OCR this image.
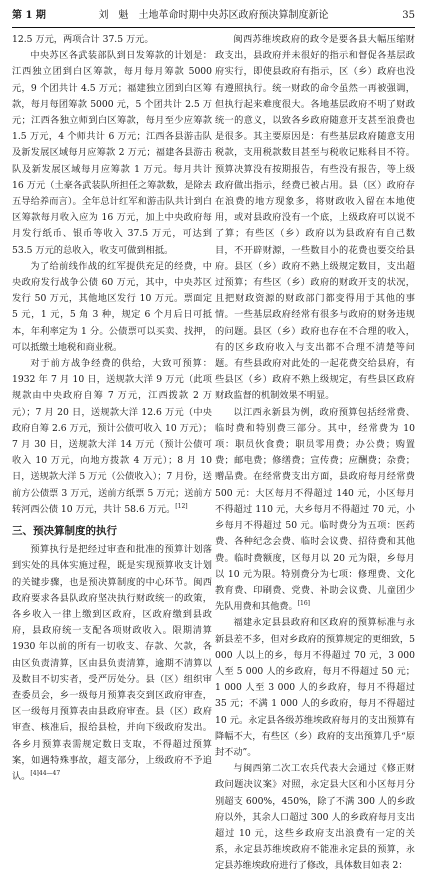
第 1 期	刘　魁　 土地革命时期中央苏区政府预决算制度新论	35

12.5 万元，两项合计 37.5 万元。

中央苏区各武装部队到日发筹款的计划是：江西独立团到白区筹款，每月每月筹款 5000 元，9 个团共计 4.5 万元；福建独立团到白区筹款，每月每团筹款 5000 元，5 个团共计 2.5 万元；江西各独立师到白区筹款，每月至少应筹款 1.5 万元，4 个师共计 6 万元；江西各县游击队及新发展区域每月应筹款 2 万元；福建各县游击队及新发展区域每月应筹款 1 万元。每月共计 16 万元（土豪各武装队所担任之筹款数，是除去五导给养而言）。全年总计红军和游击队共计到白区筹款每月收入应为 16 万元，加上中央政府每月发行纸币、银币等收入 37.5 万元，可达到 53.5 万元的总收入，收支可做到相抵。

为了给前线作战的红军提供充足的经费，中央政府发行战争公债 60 万元，其中，中央苏区发行 50 万元，其他地区发行 10 万元。票面定 5 元，1 元，5 角 3 种，规定 6 个月后日可抵本，年利率定为 1 分。公债票可以买卖、找押，可以抵缴土地税和商业税。

对于前方战争经费的供给，大致可预算：1932 年 7 月 10 日，送规款大洋 9 万元（此项规款由中央政府自筹 7 万元，江西拨款 2 万元）；7 月 20 日，送规款大洋 12.6 万元（中央政府自筹 2.6 万元，预计公债可收入 10 万元）；7 月 30 日，送规款大洋 14 万元（预计公债可收入 10 万元，向地方拨款 4 万元）；8 月 10 日，送规款大洋 5 万元（公债收入）；7 月份，送前方公债票 3 万元，送前方纸票 5 万元；送前方转河西公债 10 万元，共计 58.6 万元。[12]

三、预决算制度的执行

预算执行是把经过审查和批准的预算计划落到实处的具体实施过程，既是实现预算收支计划的关键步骤，也是预决算制度的中心环节。闽西政府要求各县队政府坚决执行财政统一的政策，各乡收入一律上缴到区政府，区政府缴到县政府，县政府统一支配各项财政收入。限期清算 1930 年以前的所有一切收支、存款、欠款，各由区负责清算，区由县负责清算，逾期不清算以及数目不切实者，受严厉处分。县（区）组织审查委员会，乡一级每月预算表交到区政府审查，区一级每月预算表由县政府审查。县（区）政府审查、核准后，报给县检，并向下级政府发出。各乡月预算表需规定数日支取，不得超过预算案，如遇特殊事故，超支部分，上级政府不予追认。$^{[4]44—47}$

闽西苏维埃政府的政令是要各县大幅压缩财政支出，县政府并未很好的指示和督促各基层政府实行，即使县政府有指示，区（乡）政府也没有遵照执行。统一财政的命令虽然一再被强调，但执行起来难度很大。各地基层政府不明了财政统一的意义，以致各乡政府随意开支甚至浪费也是很多。其主要原因是：有些基层政府随意支用税款，支用税款数目甚至与税收记账科目不符。预算决算没有按期报告，有些没有报告，等上级政府做出指示，经费已被占用。县（区）政府存在浪费的地方现象多，将财政收入留在本地使用，或对县政府没有一个底，上级政府可以说不了算；有些区（乡）政府以为县政府有自己数目，不开辟财源，一些数目小的花费也要交给县府。县区（乡）政府不熟上级规定数目，支出超过预算；有些区（乡）政府的财政开支的状况，且把财政资源的财政部门都变得用于其他的事情。一些基层政府经常有很多与政府的财务违规的问题。县区（乡）政府也存在不合理的收入，有的区乡政府收入与支出都不合理不清楚等问题。有些县政府对此处的一起花费交给县府，有些县区（乡）政府不熟上级规定，有些县区政府财政监督的机制效果不明显。

以江西永新县为例，政府预算包括经常费、临时费和特别费三部分。其中，经常费为 10 项：职员伙食费；职员零用费；办公费；购置费；邮电费；修缮费；宣传费；应酬费；杂费；赠品费。在经常费支出方面，县政府每月经常费 500 元：大区每月不得超过 140 元，小区每月不得超过 110 元，大乡每月不得超过 70 元，小乡每月不得超过 50 元。临时费分为五项：医药费、各种纪念会费、临时会议费、招待费和其他费。临时费额度，区每月以 20 元为限，乡每月以 10 元为限。特别费分为七项：修理费、文化教育费、印刷费、党费、补助会议费、儿童团少先队用费和其他费。[16]

福建永定县县政府和区政府的预算标准与永新县差不多，但对乡政府的预算规定的更细致，5 000 人以上的乡，每月不得超过 70 元，3 000 人至 5 000 人的乡政府，每月不得超过 50 元；1 000 人至 3 000 人的乡政府，每月不得超过 35 元；不满 1 000 人的乡政府，每月不得超过 10 元。永定县各级苏维埃政府每月的支出预算有降幅不大，有些区（乡）政府的支出预算几乎“原封不动”。

与闽西第二次工农兵代表大会通过《修正财政问题决议案》对照，永定县大区和小区每月分别超支 600%，450%，除了不满 300 人的乡政府以外，其余人口超过 300 人的乡政府每月支出超过 10 元，这些乡政府支出浪费有一定的关系，永定县苏维埃政府不能准永定县的预算，永定县苏维埃政府进行了修改，具体数目如表 2：
